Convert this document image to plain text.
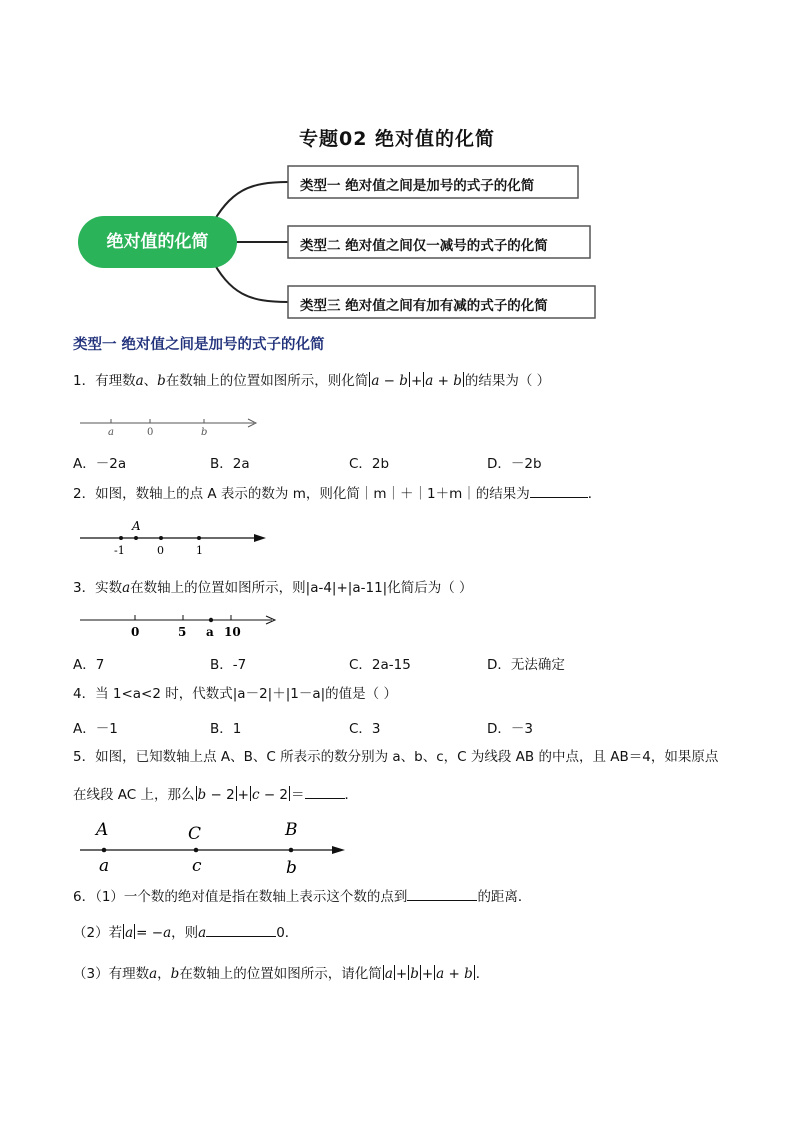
专题02 绝对值的化简
绝对值的化简
类型一 绝对值之间是加号的式子的化简
类型二 绝对值之间仅一减号的式子的化简
类型三 绝对值之间有加有减的式子的化简
类型一 绝对值之间是加号的式子的化简
1．有理数a、b在数轴上的位置如图所示，则化简 a − b + a + b 的结果为（ ）
a	0	b
A．－2a	B．2a	C．2b	D．－2b
2．如图，数轴上的点 A 表示的数为 m，则化简｜m｜＋｜1＋m｜的结果为	．
A
-1	0	1
3．实数a在数轴上的位置如图所示，则|a-4|+|a-11|化简后为（ ）
0	5 a 10
A．7	B．-7	C．2a-15	D．无法确定
4．当 1<a<2 时，代数式|a－2|＋|1－a|的值是（ ）
A．－1	B．1	C．3	D．－3
5．如图，已知数轴上点 A、B、C 所表示的数分别为 a、b、c，C 为线段 AB 的中点，且 AB＝4，如果原点
在线段 AC 上，那么 b − 2 + c − 2 ＝	．
A	C	B
a	c	b
6．（1）一个数的绝对值是指在数轴上表示这个数的点到	的距离．
（2）若 a = −a，则a	0．
（3）有理数a，b在数轴上的位置如图所示，请化简 a + b + a + b ．
